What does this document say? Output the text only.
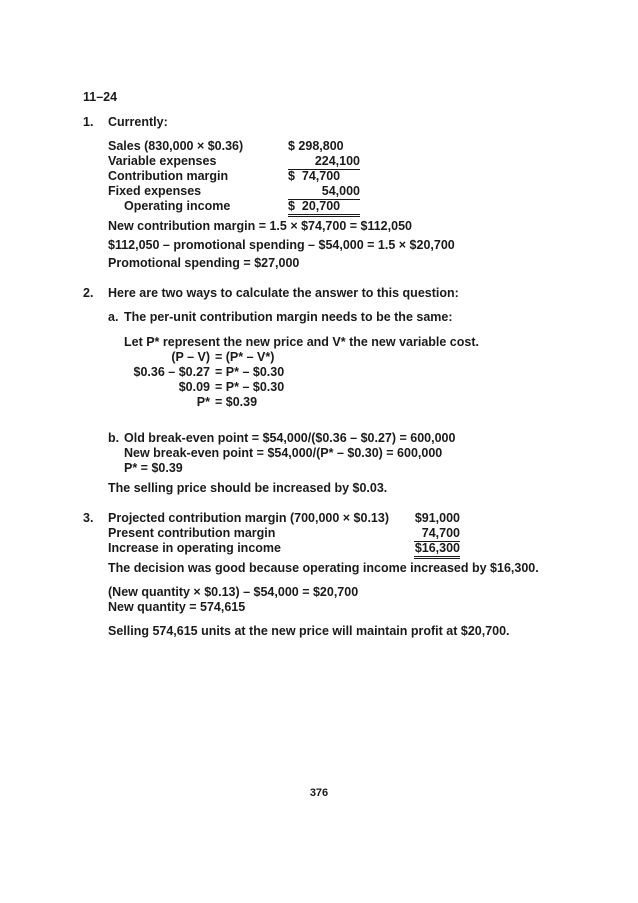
11–24
1. Currently:
Sales (830,000 × $0.36)	$ 298,800
Variable expenses	224,100
Contribution margin	$  74,700
Fixed expenses	54,000
Operating income	$  20,700
New contribution margin = 1.5 × $74,700 = $112,050
$112,050 – promotional spending – $54,000 = 1.5 × $20,700
Promotional spending = $27,000
2. Here are two ways to calculate the answer to this question:
a. The per-unit contribution margin needs to be the same:
Let P* represent the new price and V* the new variable cost.
(P – V) = (P* – V*)
$0.36 – $0.27 = P* – $0.30
$0.09 = P* – $0.30
P* = $0.39
b. Old break-even point = $54,000/($0.36 – $0.27) = 600,000
New break-even point = $54,000/(P* – $0.30) = 600,000
P* = $0.39
The selling price should be increased by $0.03.
3. Projected contribution margin (700,000 × $0.13)	$91,000
Present contribution margin	74,700
Increase in operating income	$16,300
The decision was good because operating income increased by $16,300.
(New quantity × $0.13) – $54,000 = $20,700
New quantity = 574,615
Selling 574,615 units at the new price will maintain profit at $20,700.
376
